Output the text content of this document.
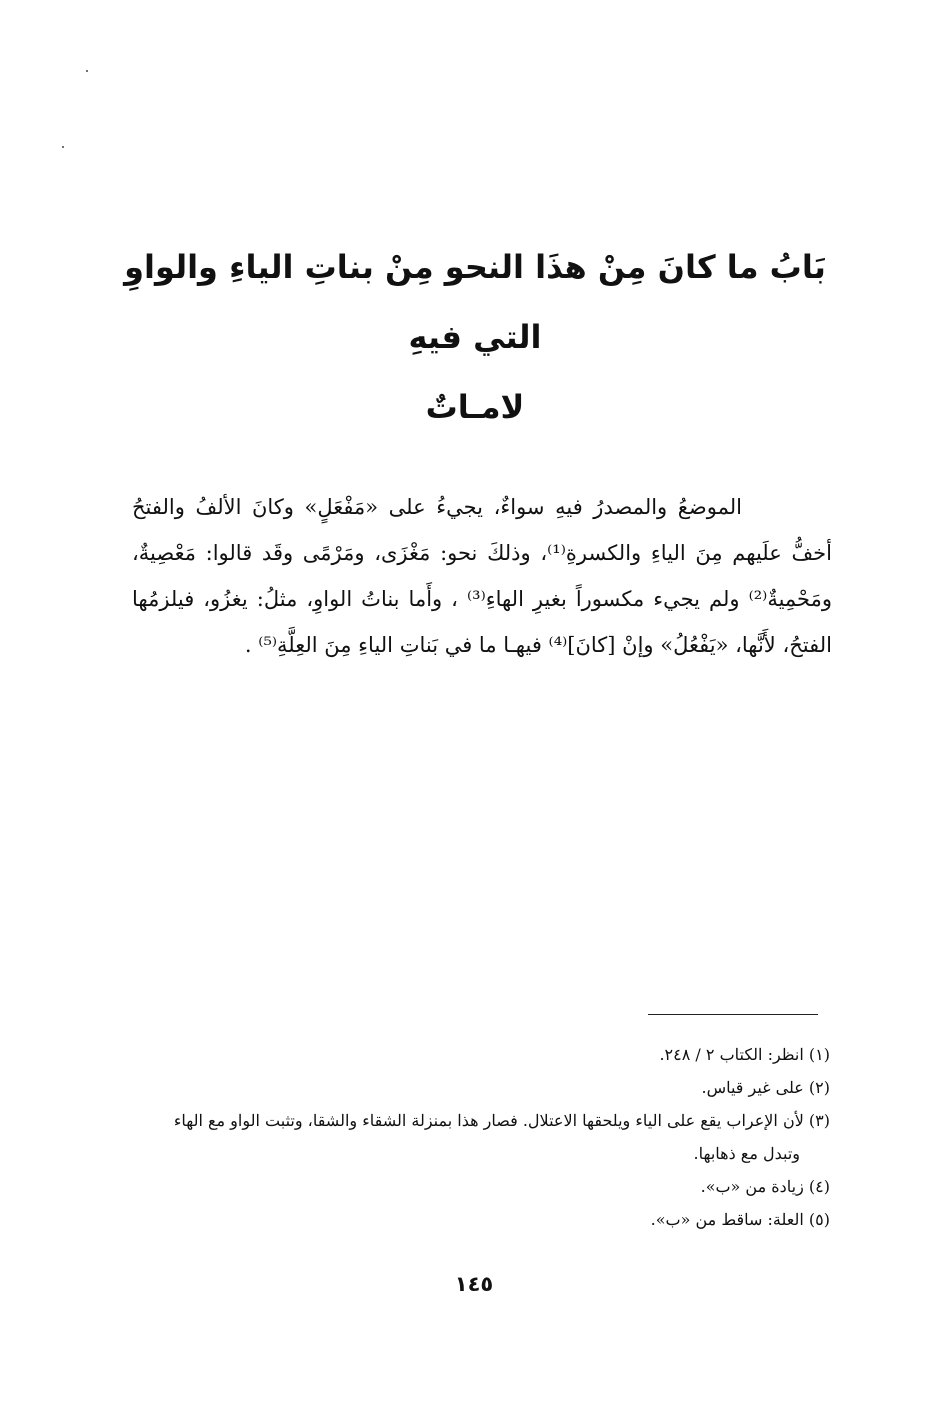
بَابُ ما كانَ مِنْ هذَا النحو مِنْ بناتِ الياءِ والواوِ التي فيهِ
لامـاتٌ

الموضعُ والمصدرُ فيهِ سواءٌ، يجيءُ على «مَفْعَلٍ» وكانَ الألفُ والفتحُ أخفُّ علَيهم مِنَ الياءِ والكسرةِ⁽¹⁾، وذلكَ نحو: مَغْزَى، ومَرْمًى وقَد قالوا: مَعْصِيةٌ، ومَحْمِيةٌ⁽²⁾ ولم يجيء مكسوراً بغيرِ الهاءِ⁽³⁾ ، وأَما بناتُ الواوِ، مثلُ: يغزُو، فيلزمُها الفتحُ، لأَنَّها، «يَفْعُلُ» وإنْ [كانَ]⁽⁴⁾ فيهـا ما في بَناتِ الياءِ مِنَ العِلَّةِ⁽⁵⁾ .

(١) انظر: الكتاب ٢ / ٢٤٨.

(٢) على غير قياس.

(٣) لأن الإعراب يقع على الياء ويلحقها الاعتلال. فصار هذا بمنزلة الشقاء والشقا، وتثبت الواو مع الهاء وتبدل مع ذهابها.

(٤) زيادة من «ب».

(٥) العلة: ساقط من «ب».

١٤٥
